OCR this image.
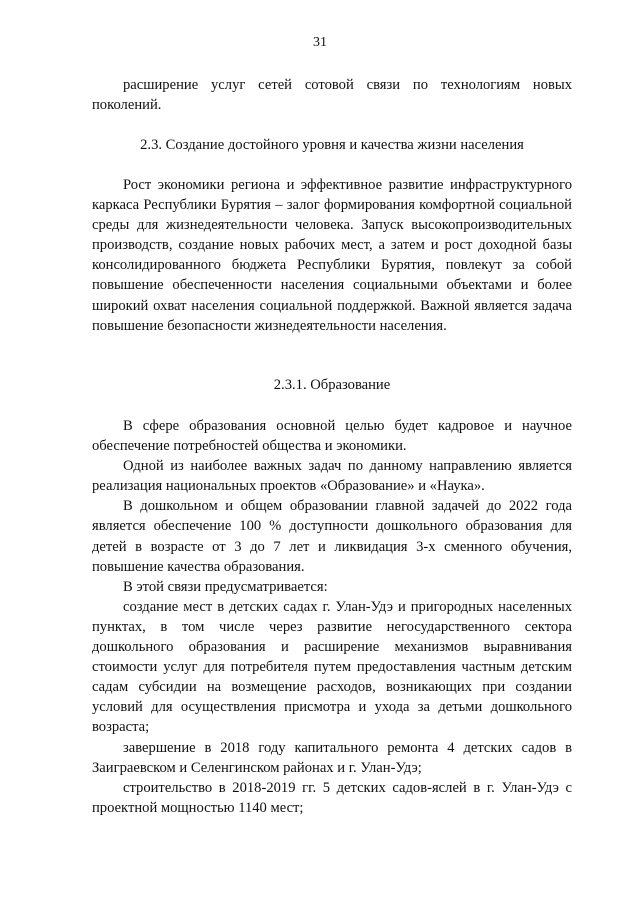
31

расширение услуг сетей сотовой связи по технологиям новых поколений.

2.3. Создание достойного уровня и качества жизни населения

Рост экономики региона и эффективное развитие инфраструктурного каркаса Республики Бурятия – залог формирования комфортной социальной среды для жизнедеятельности человека. Запуск высокопроизводительных производств, создание новых рабочих мест, а затем и рост доходной базы консолидированного бюджета Республики Бурятия, повлекут за собой повышение обеспеченности населения социальными объектами и более широкий охват населения социальной поддержкой. Важной является задача повышение безопасности жизнедеятельности населения.

2.3.1. Образование

В сфере образования основной целью будет кадровое и научное обеспечение потребностей общества и экономики.

Одной из наиболее важных задач по данному направлению является реализация национальных проектов «Образование» и «Наука».

В дошкольном и общем образовании главной задачей до 2022 года является обеспечение 100 % доступности дошкольного образования для детей в возрасте от 3 до 7 лет и ликвидация 3-х сменного обучения, повышение качества образования.

В этой связи предусматривается:

создание мест в детских садах г. Улан-Удэ и пригородных населенных пунктах, в том числе через развитие негосударственного сектора дошкольного образования и расширение механизмов выравнивания стоимости услуг для потребителя путем предоставления частным детским садам субсидии на возмещение расходов, возникающих при создании условий для осуществления присмотра и ухода за детьми дошкольного возраста;

завершение в 2018 году капитального ремонта 4 детских садов в Заиграевском и Селенгинском районах и г. Улан-Удэ;

строительство в 2018-2019 гг. 5 детских садов-яслей в г. Улан-Удэ с проектной мощностью 1140 мест;
